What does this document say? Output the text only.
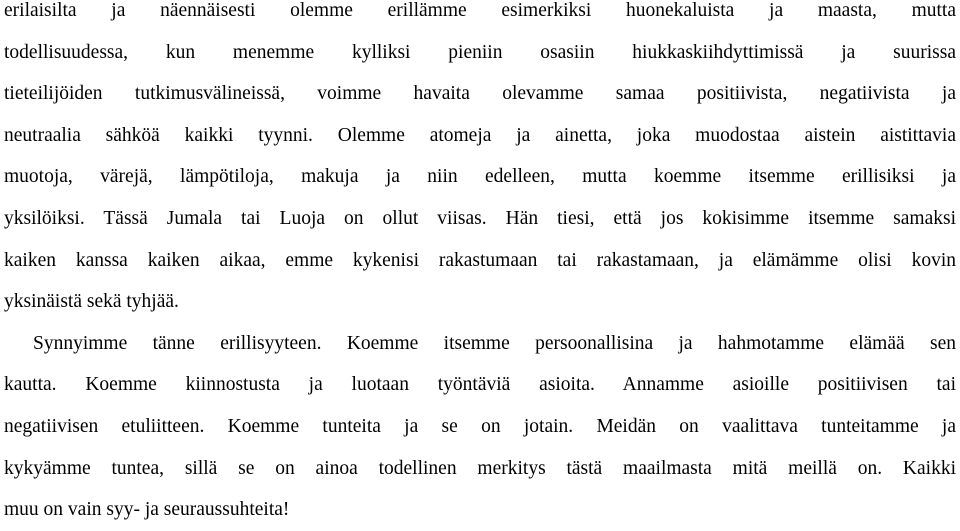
erilaisilta ja näennäisesti olemme erillämme esimerkiksi huonekaluista ja maasta, mutta
todellisuudessa, kun menemme kylliksi pieniin osasiin hiukkaskiihdyttimissä ja suurissa
tieteilijöiden tutkimusvälineissä, voimme havaita olevamme samaa positiivista, negatiivista ja
neutraalia sähköä kaikki tyynni. Olemme atomeja ja ainetta, joka muodostaa aistein aistittavia
muotoja, värejä, lämpötiloja, makuja ja niin edelleen, mutta koemme itsemme erillisiksi ja
yksilöiksi. Tässä Jumala tai Luoja on ollut viisas. Hän tiesi, että jos kokisimme itsemme samaksi
kaiken kanssa kaiken aikaa, emme kykenisi rakastumaan tai rakastamaan, ja elämämme olisi kovin
yksinäistä sekä tyhjää.
Synnyimme tänne erillisyyteen. Koemme itsemme persoonallisina ja hahmotamme elämää sen
kautta. Koemme kiinnostusta ja luotaan työntäviä asioita. Annamme asioille positiivisen tai
negatiivisen etuliitteen. Koemme tunteita ja se on jotain. Meidän on vaalittava tunteitamme ja
kykyämme tuntea, sillä se on ainoa todellinen merkitys tästä maailmasta mitä meillä on. Kaikki
muu on vain syy- ja seuraussuhteita!
